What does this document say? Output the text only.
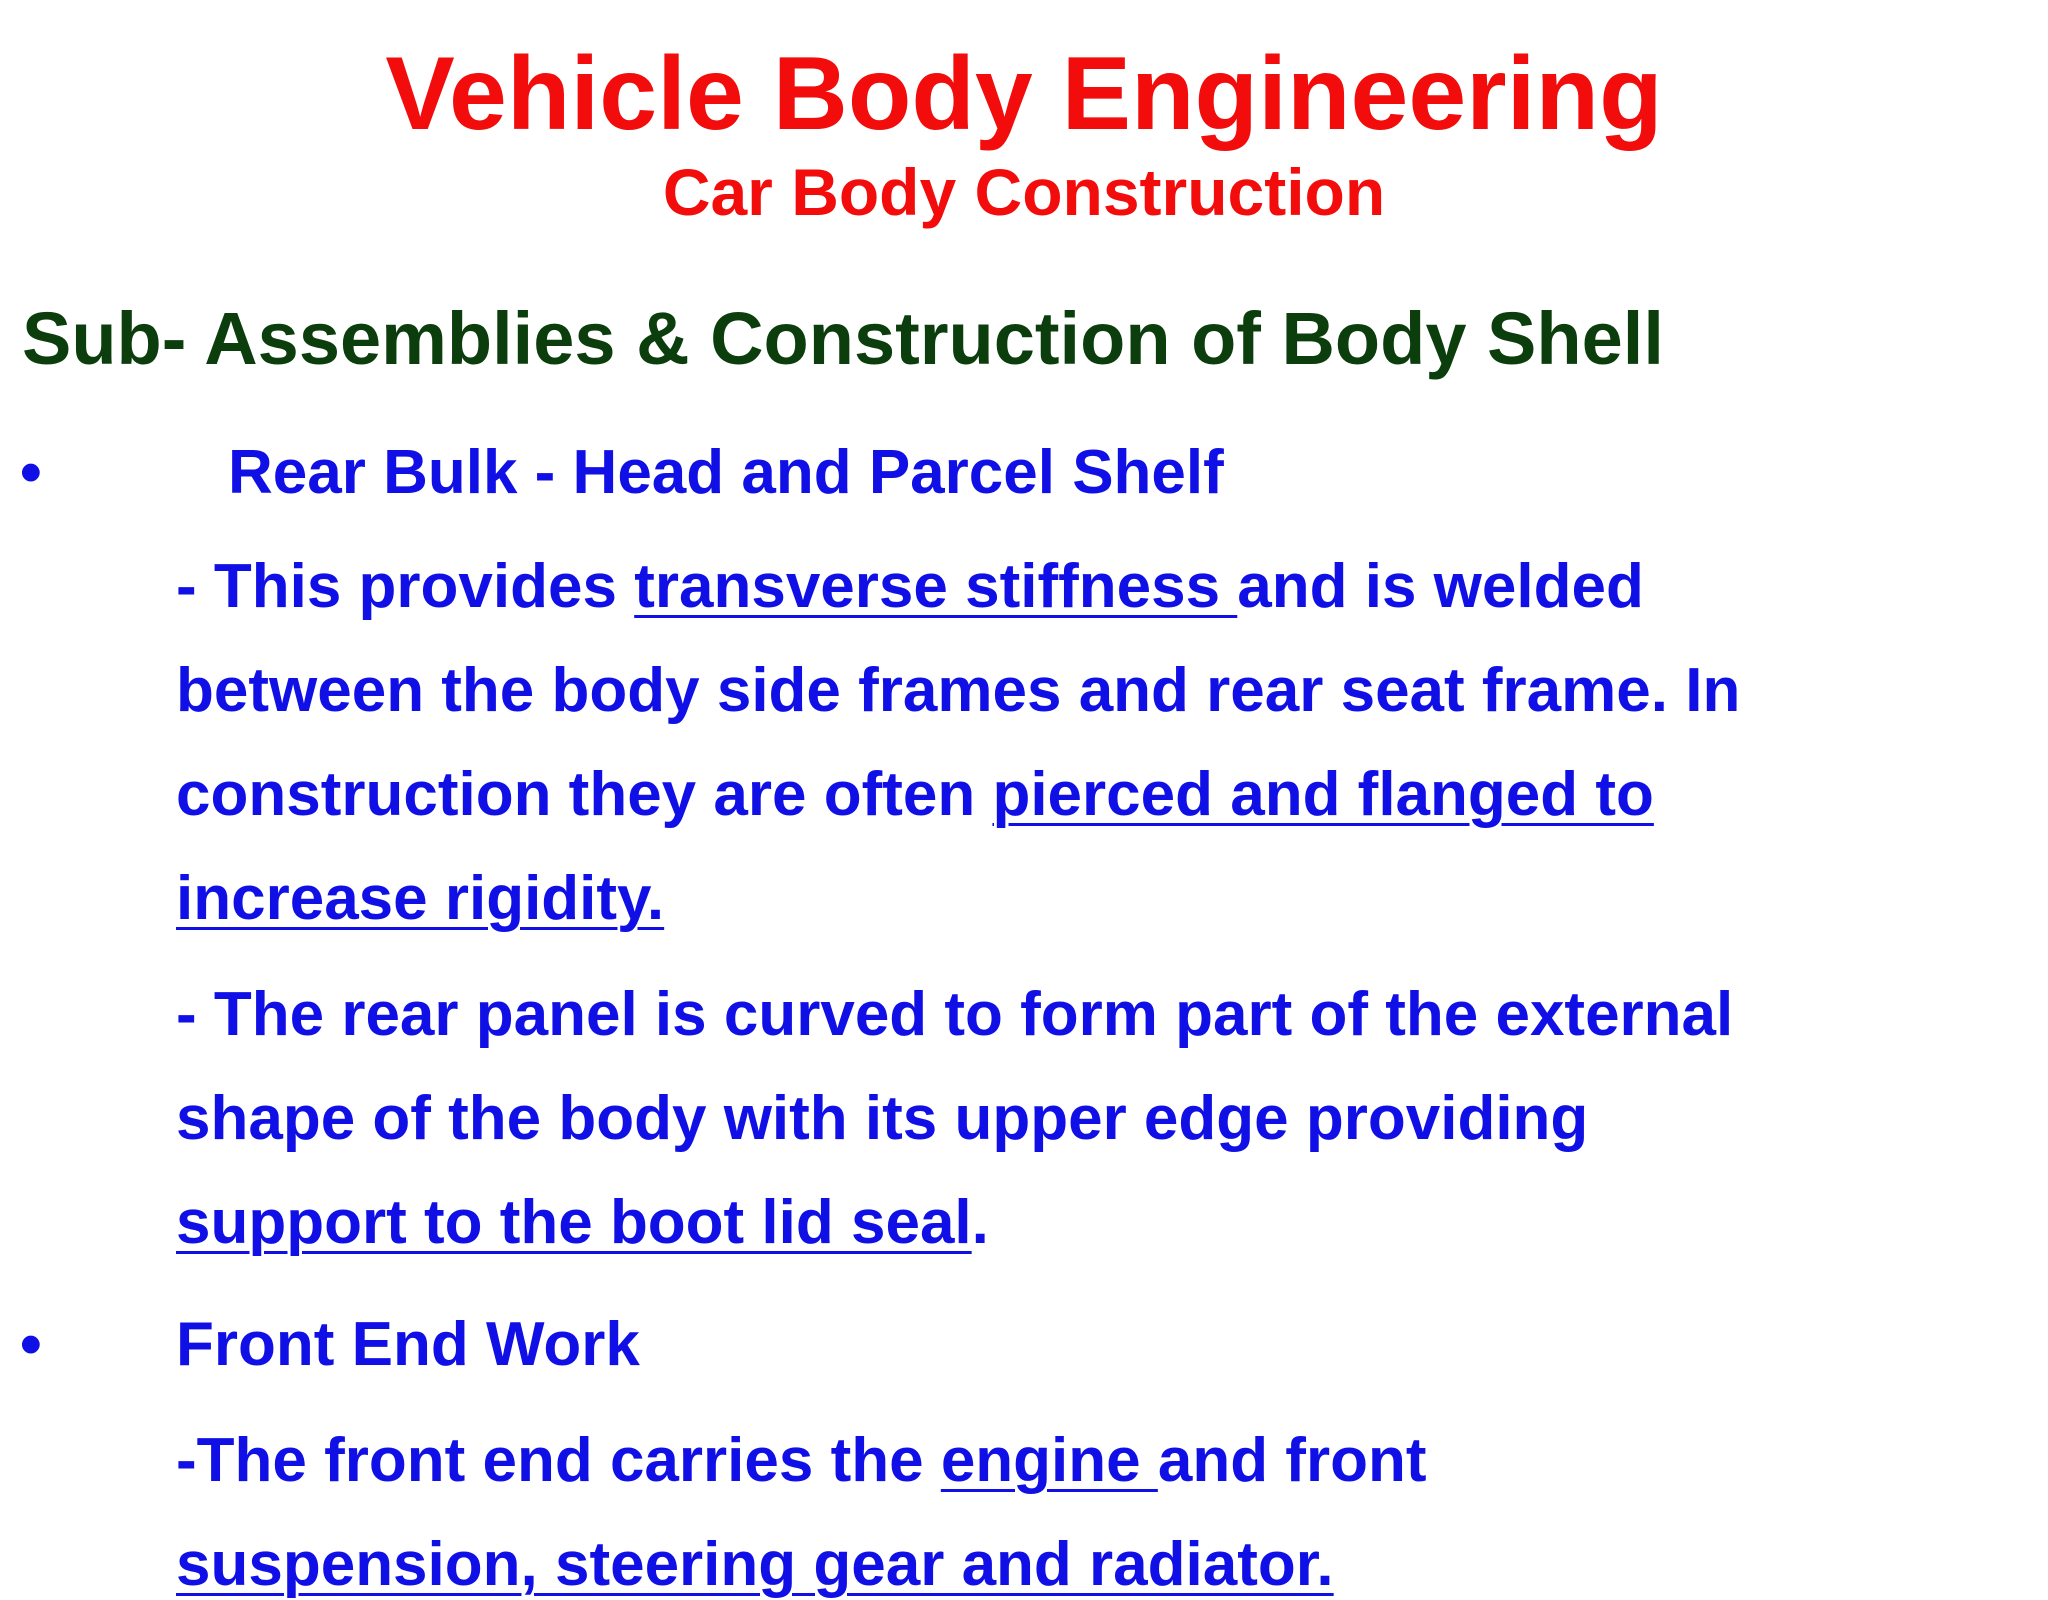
Vehicle Body Engineering
Car Body Construction
Sub- Assemblies & Construction of Body Shell
•	Rear Bulk - Head and Parcel Shelf
- This provides transverse stiffness and is welded
between the body side frames and rear seat frame. In
construction they are often pierced and flanged to
increase rigidity.
- The rear panel is curved to form part of the external
shape of the body with its upper edge providing
support to the boot lid seal.
• Front End Work
-The front end carries the engine and front
suspension, steering gear and radiator.
